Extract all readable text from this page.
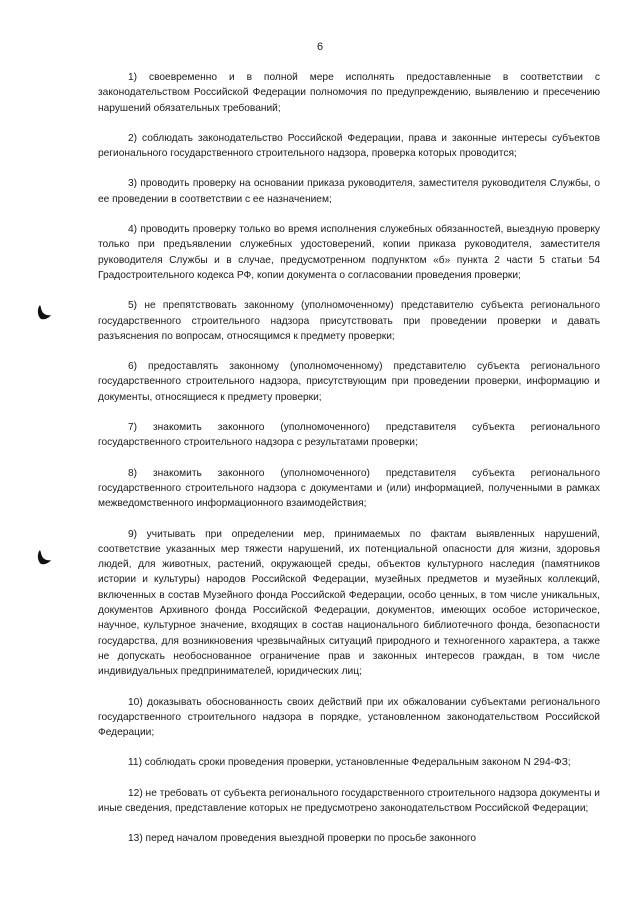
6

1) своевременно и в полной мере исполнять предоставленные в соответствии с законодательством Российской Федерации полномочия по предупреждению, выявлению и пресечению нарушений обязательных требований;

2) соблюдать законодательство Российской Федерации, права и законные интересы субъектов регионального государственного строительного надзора, проверка которых проводится;

3) проводить проверку на основании приказа руководителя, заместителя руководителя Службы, о ее проведении в соответствии с ее назначением;

4) проводить проверку только во время исполнения служебных обязанностей, выездную проверку только при предъявлении служебных удостоверений, копии приказа руководителя, заместителя руководителя Службы и в случае, предусмотренном подпунктом «б» пункта 2 части 5 статьи 54 Градостроительного кодекса РФ, копии документа о согласовании проведения проверки;

5) не препятствовать законному (уполномоченному) представителю субъекта регионального государственного строительного надзора присутствовать при проведении проверки и давать разъяснения по вопросам, относящимся к предмету проверки;

6) предоставлять законному (уполномоченному) представителю субъекта регионального государственного строительного надзора, присутствующим при проведении проверки, информацию и документы, относящиеся к предмету проверки;

7) знакомить законного (уполномоченного) представителя субъекта регионального государственного строительного надзора с результатами проверки;

8) знакомить законного (уполномоченного) представителя субъекта регионального государственного строительного надзора с документами и (или) информацией, полученными в рамках межведомственного информационного взаимодействия;

9) учитывать при определении мер, принимаемых по фактам выявленных нарушений, соответствие указанных мер тяжести нарушений, их потенциальной опасности для жизни, здоровья людей, для животных, растений, окружающей среды, объектов культурного наследия (памятников истории и культуры) народов Российской Федерации, музейных предметов и музейных коллекций, включенных в состав Музейного фонда Российской Федерации, особо ценных, в том числе уникальных, документов Архивного фонда Российской Федерации, документов, имеющих особое историческое, научное, культурное значение, входящих в состав национального библиотечного фонда, безопасности государства, для возникновения чрезвычайных ситуаций природного и техногенного характера, а также не допускать необоснованное ограничение прав и законных интересов граждан, в том числе индивидуальных предпринимателей, юридических лиц;

10) доказывать обоснованность своих действий при их обжаловании субъектами регионального государственного строительного надзора в порядке, установленном законодательством Российской Федерации;

11) соблюдать сроки проведения проверки, установленные Федеральным законом N 294-ФЗ;

12) не требовать от субъекта регионального государственного строительного надзора документы и иные сведения, представление которых не предусмотрено законодательством Российской Федерации;

13) перед началом проведения выездной проверки по просьбе законного
